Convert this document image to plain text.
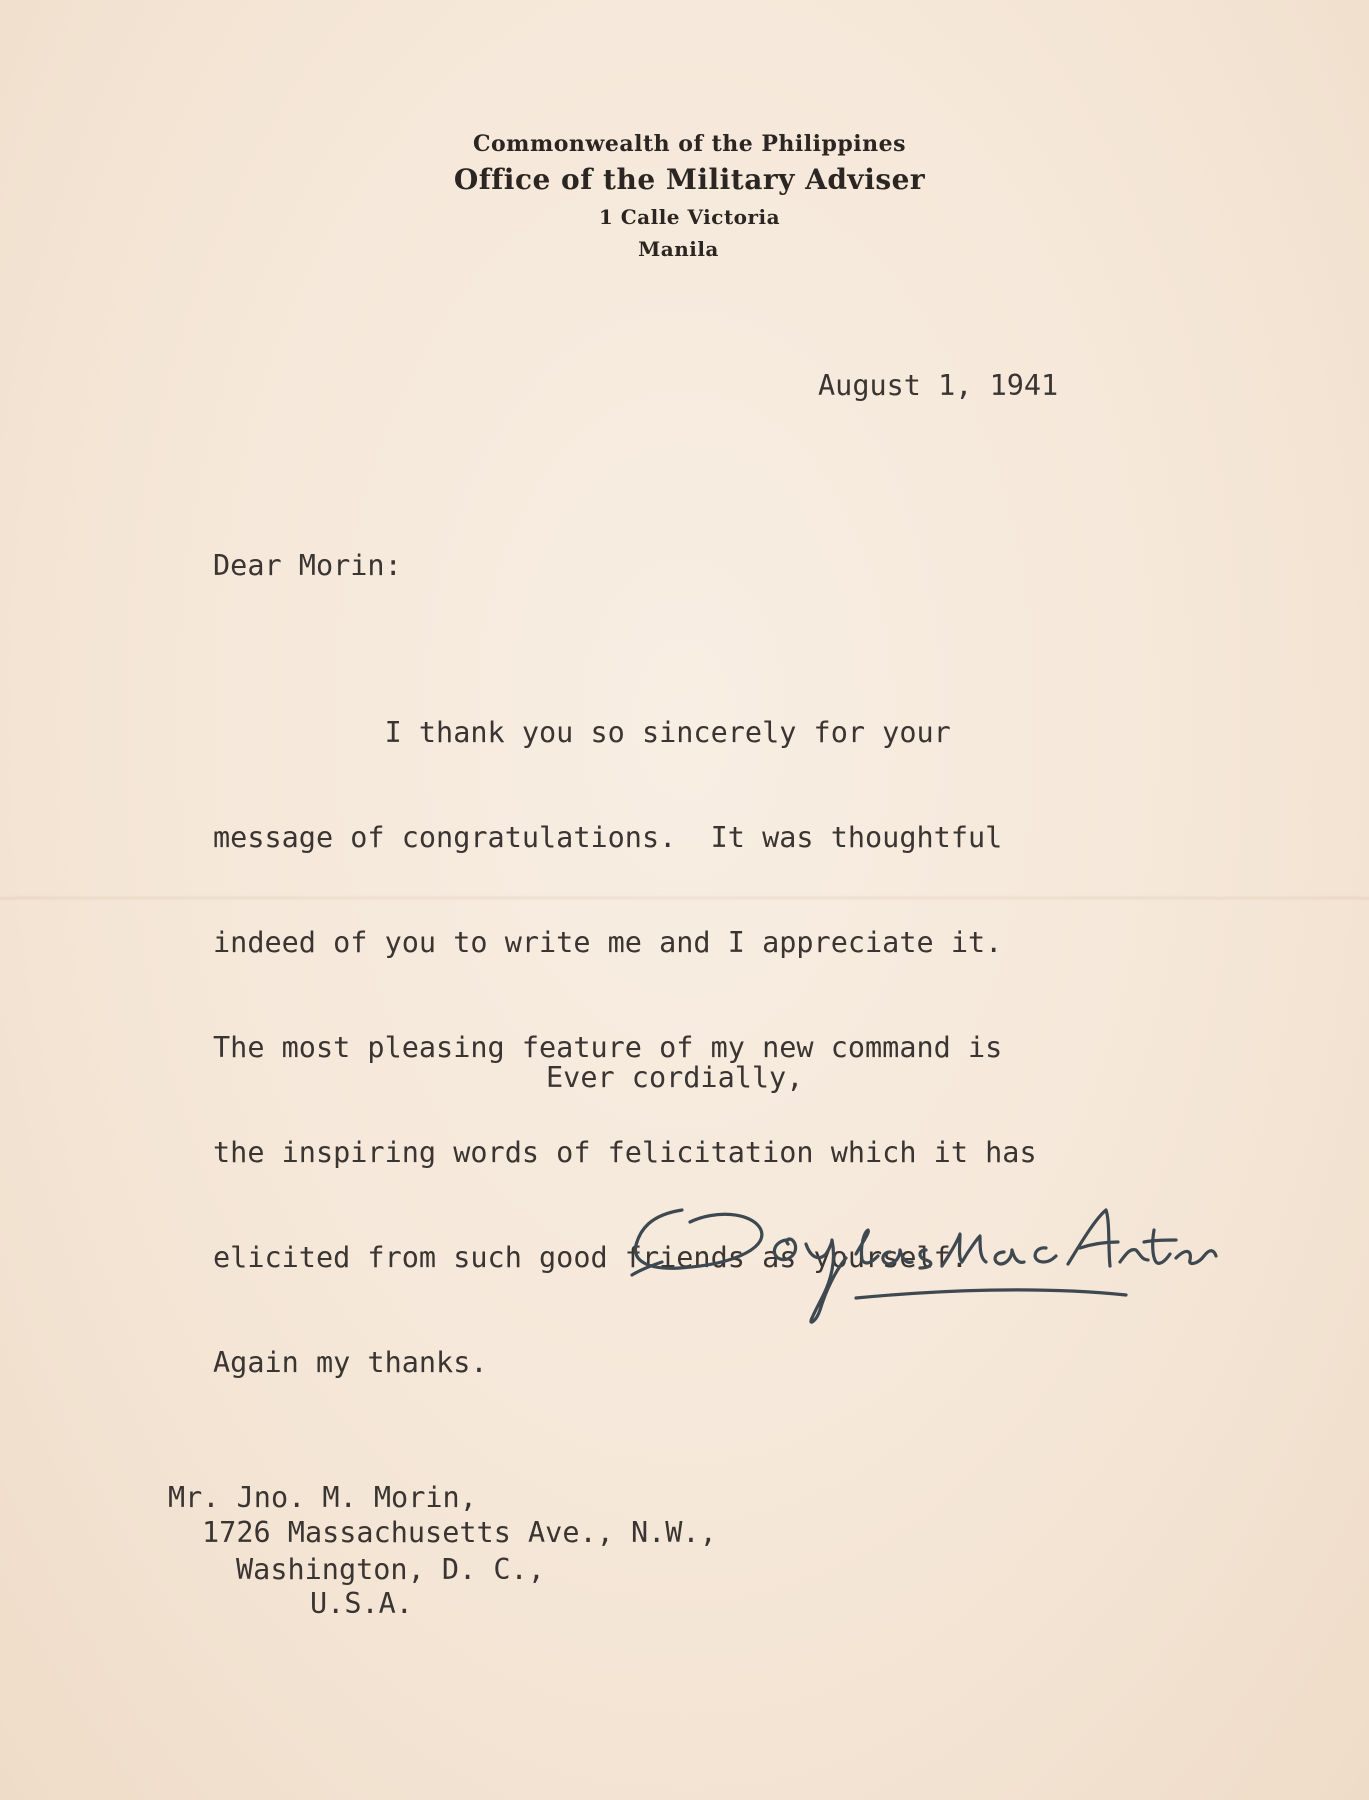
Commonwealth of the Philippines
Office of the Military Adviser
1 Calle Victoria
Manila
August 1, 1941
Dear Morin:

I thank you so sincerely for your

message of congratulations.  It was thoughtful

indeed of you to write me and I appreciate it.

The most pleasing feature of my new command is

the inspiring words of felicitation which it has

elicited from such good friends as yourself.

Again my thanks.

Ever cordially,
Mr. Jno. M. Morin,
1726 Massachusetts Ave., N.W.,
Washington, D. C.,
U.S.A.
